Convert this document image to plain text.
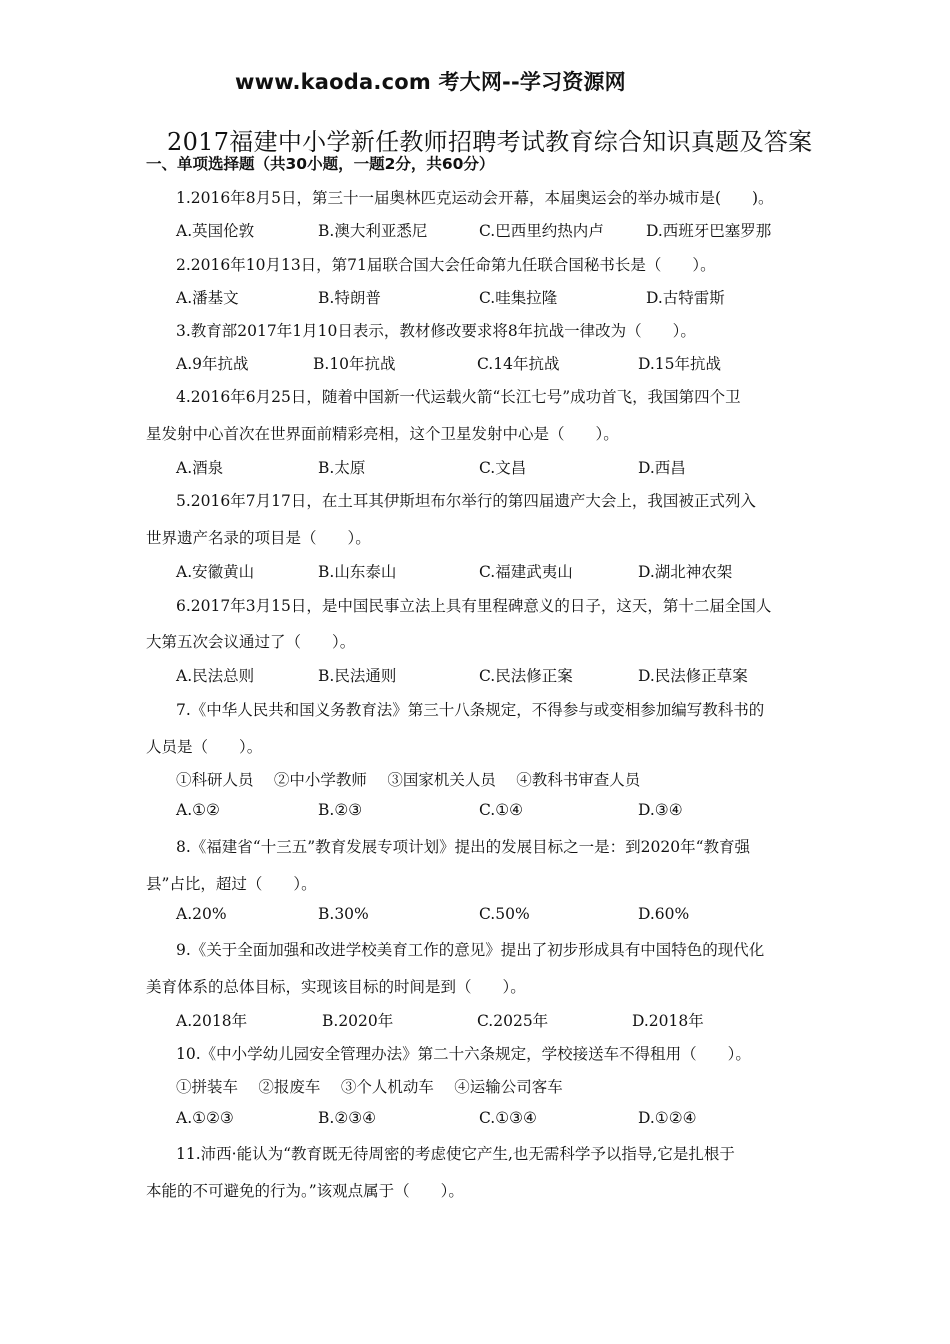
www.kaoda.com 考大网--学习资源网
2017福建中小学新任教师招聘考试教育综合知识真题及答案
一、单项选择题（共30小题，一题2分，共60分）
1.2016年8月5日，第三十一届奥林匹克运动会开幕，本届奥运会的举办城市是(　　)。
A.英国伦敦	B.澳大利亚悉尼	C.巴西里约热内卢	D.西班牙巴塞罗那
2.2016年10月13日，第71届联合国大会任命第九任联合国秘书长是（　　）。
A.潘基文	B.特朗普	C.哇集拉隆	D.古特雷斯
3.教育部2017年1月10日表示，教材修改要求将8年抗战一律改为（　　）。
A.9年抗战	B.10年抗战	C.14年抗战	D.15年抗战
4.2016年6月25日，随着中国新一代运载火箭“长江七号”成功首飞，我国第四个卫
星发射中心首次在世界面前精彩亮相，这个卫星发射中心是（　　）。
A.酒泉	B.太原	C.文昌	D.西昌
5.2016年7月17日，在土耳其伊斯坦布尔举行的第四届遗产大会上，我国被正式列入
世界遗产名录的项目是（　　）。
A.安徽黄山	B.山东泰山	C.福建武夷山	D.湖北神农架
6.2017年3月15日，是中国民事立法上具有里程碑意义的日子，这天，第十二届全国人
大第五次会议通过了（　　）。
A.民法总则	B.民法通则	C.民法修正案	D.民法修正草案
7.《中华人民共和国义务教育法》第三十八条规定，不得参与或变相参加编写教科书的
人员是（　　）。
①科研人员　 ②中小学教师　 ③国家机关人员　 ④教科书审查人员
A.①②	B.②③	C.①④	D.③④
8.《福建省“十三五”教育发展专项计划》提出的发展目标之一是：到2020年“教育强
县”占比，超过（　　）。
A.20%	B.30%	C.50%	D.60%
9.《关于全面加强和改进学校美育工作的意见》提出了初步形成具有中国特色的现代化
美育体系的总体目标，实现该目标的时间是到（　　）。
A.2018年	B.2020年	C.2025年	D.2018年
10.《中小学幼儿园安全管理办法》第二十六条规定，学校接送车不得租用（　　）。
①拼装车　 ②报废车　 ③个人机动车　 ④运输公司客车
A.①②③	B.②③④	C.①③④	D.①②④
11.沛西·能认为“教育既无待周密的考虑使它产生,也无需科学予以指导,它是扎根于
本能的不可避免的行为。”该观点属于（　　）。
